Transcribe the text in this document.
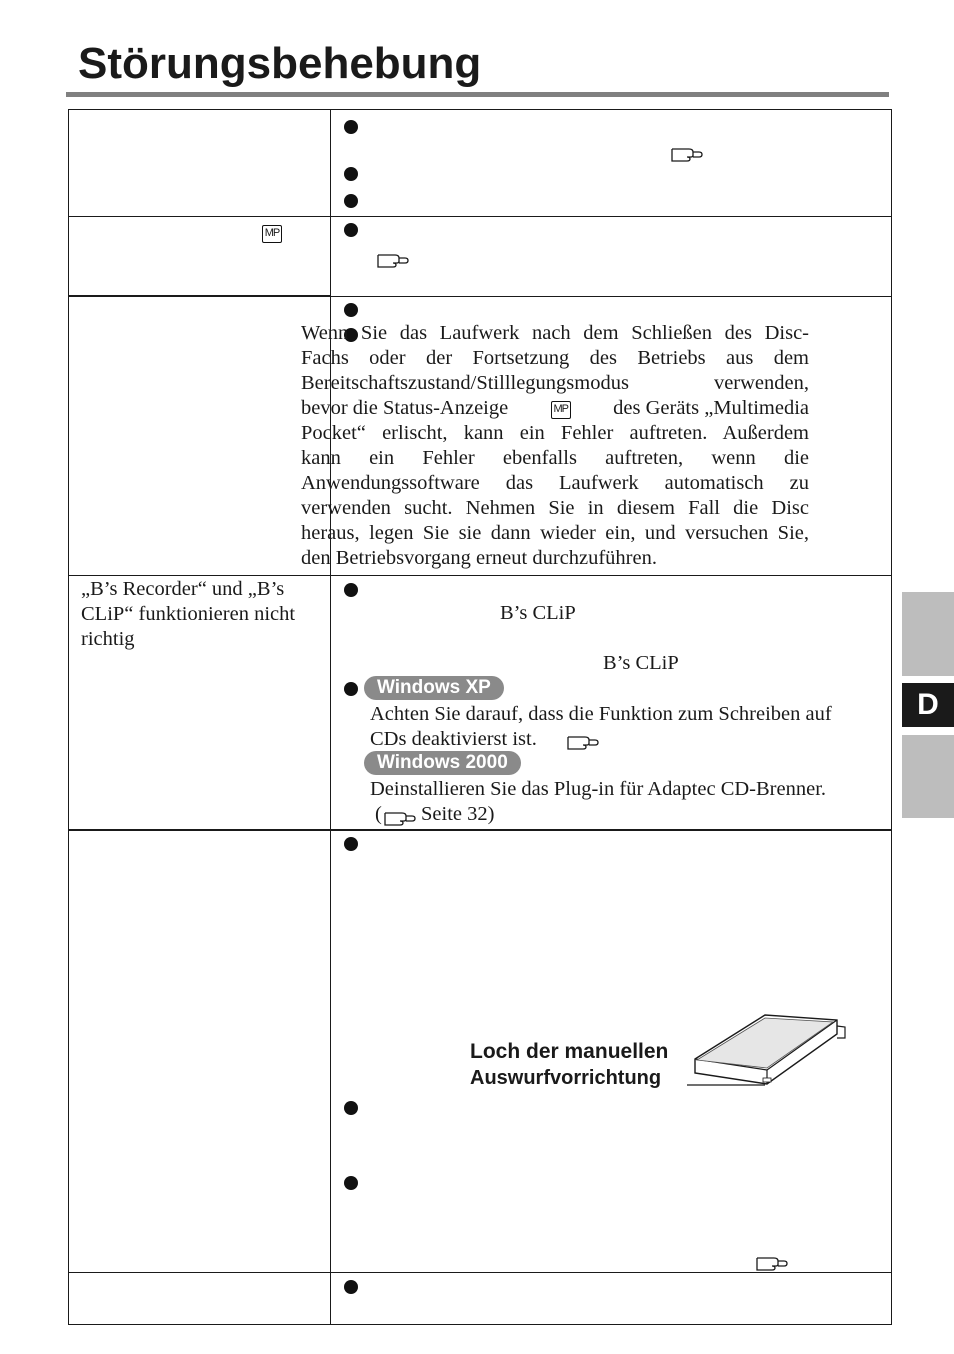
Störungsbehebung
MP
„B’s Recorder“ und „B’s
CLiP“ funktionieren nicht
richtig
B’s CLiP
B’s CLiP
Windows XP
Achten Sie darauf, dass die Funktion zum Schreiben auf
CDs deaktivierst ist.
Windows 2000
Deinstallieren Sie das Plug-in für Adaptec CD-Brenner.
( Seite 32)
Loch der manuellen
Auswurfvorrichtung
Wenn Sie das Laufwerk nach dem Schließen des Disc-
Fachs oder der Fortsetzung des Betriebs aus dem
Bereitschaftszustand/Stilllegungsmodus verwenden,
bevor die Status-Anzeige	MP des Geräts „Multimedia
Pocket“ erlischt, kann ein Fehler auftreten. Außerdem
kann ein Fehler ebenfalls auftreten, wenn die
Anwendungssoftware das Laufwerk automatisch zu
verwenden sucht. Nehmen Sie in diesem Fall die Disc
heraus, legen Sie sie dann wieder ein, und versuchen Sie,
den Betriebsvorgang erneut durchzuführen.
D
